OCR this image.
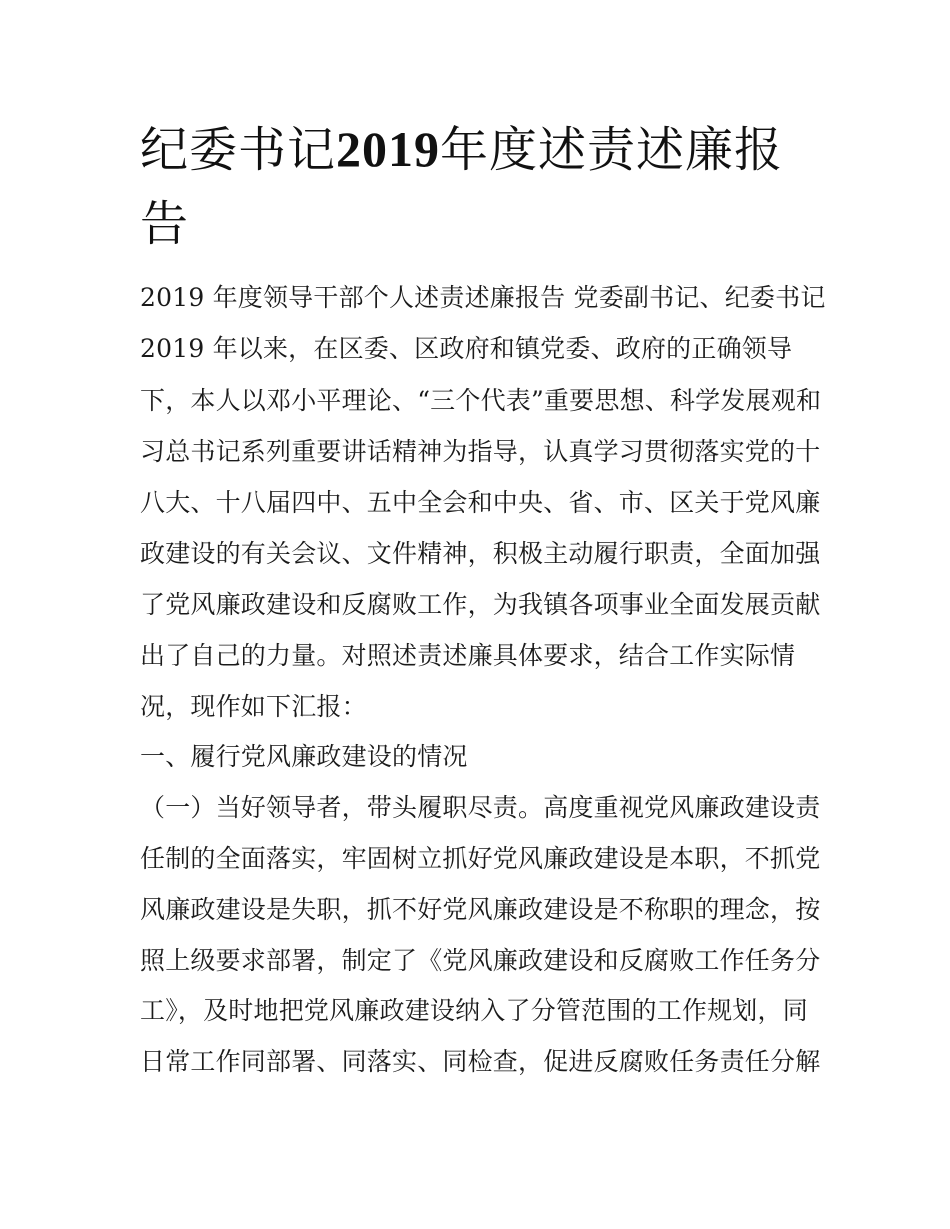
纪委书记2019年度述责述廉报告
2019 年度领导干部个人述责述廉报告 党委副书记、纪委书记
2019 年以来，在区委、区政府和镇党委、政府的正确领导
下，本人以邓小平理论、“三个代表”重要思想、科学发展观和
习总书记系列重要讲话精神为指导，认真学习贯彻落实党的十
八大、十八届四中、五中全会和中央、省、市、区关于党风廉
政建设的有关会议、文件精神，积极主动履行职责，全面加强
了党风廉政建设和反腐败工作，为我镇各项事业全面发展贡献
出了自己的力量。对照述责述廉具体要求，结合工作实际情
况，现作如下汇报：
一、履行党风廉政建设的情况
（一）当好领导者，带头履职尽责。高度重视党风廉政建设责
任制的全面落实，牢固树立抓好党风廉政建设是本职，不抓党
风廉政建设是失职，抓不好党风廉政建设是不称职的理念，按
照上级要求部署，制定了《党风廉政建设和反腐败工作任务分
工》，及时地把党风廉政建设纳入了分管范围的工作规划，同
日常工作同部署、同落实、同检查，促进反腐败任务责任分解
